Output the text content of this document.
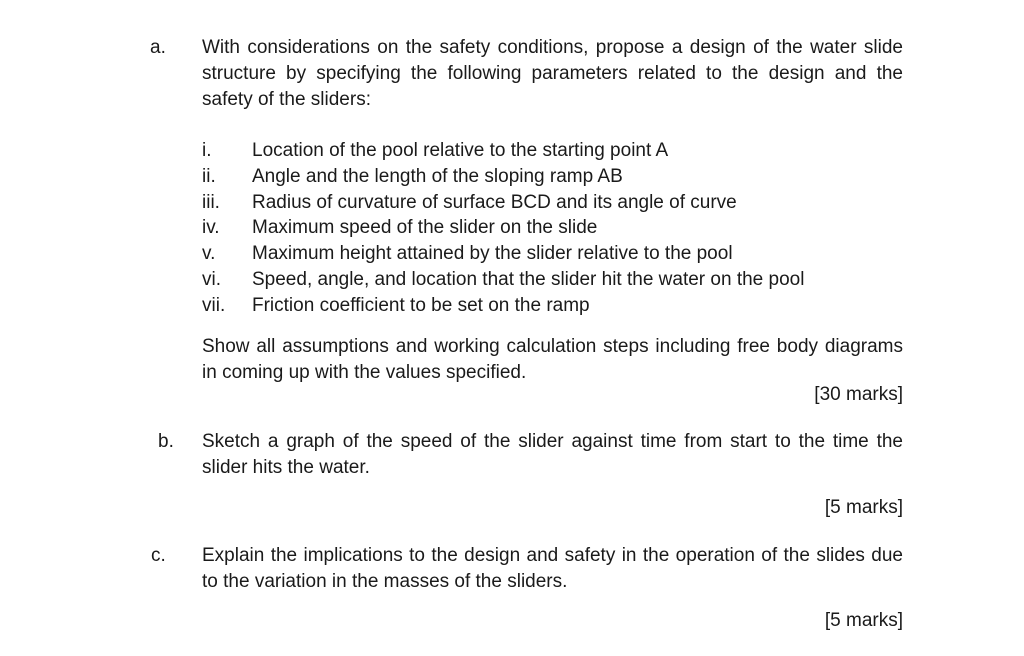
a.	With considerations on the safety conditions, propose a design of the water slide structure by specifying the following parameters related to the design and the safety of the sliders:
i. Location of the pool relative to the starting point A
ii. Angle and the length of the sloping ramp AB
iii. Radius of curvature of surface BCD and its angle of curve
iv. Maximum speed of the slider on the slide
v. Maximum height attained by the slider relative to the pool
vi. Speed, angle, and location that the slider hit the water on the pool
vii. Friction coefficient to be set on the ramp
Show all assumptions and working calculation steps including free body diagrams in coming up with the values specified.
[30 marks]
b.	Sketch a graph of the speed of the slider against time from start to the time the slider hits the water.
[5 marks]
c.	Explain the implications to the design and safety in the operation of the slides due to the variation in the masses of the sliders.
[5 marks]
